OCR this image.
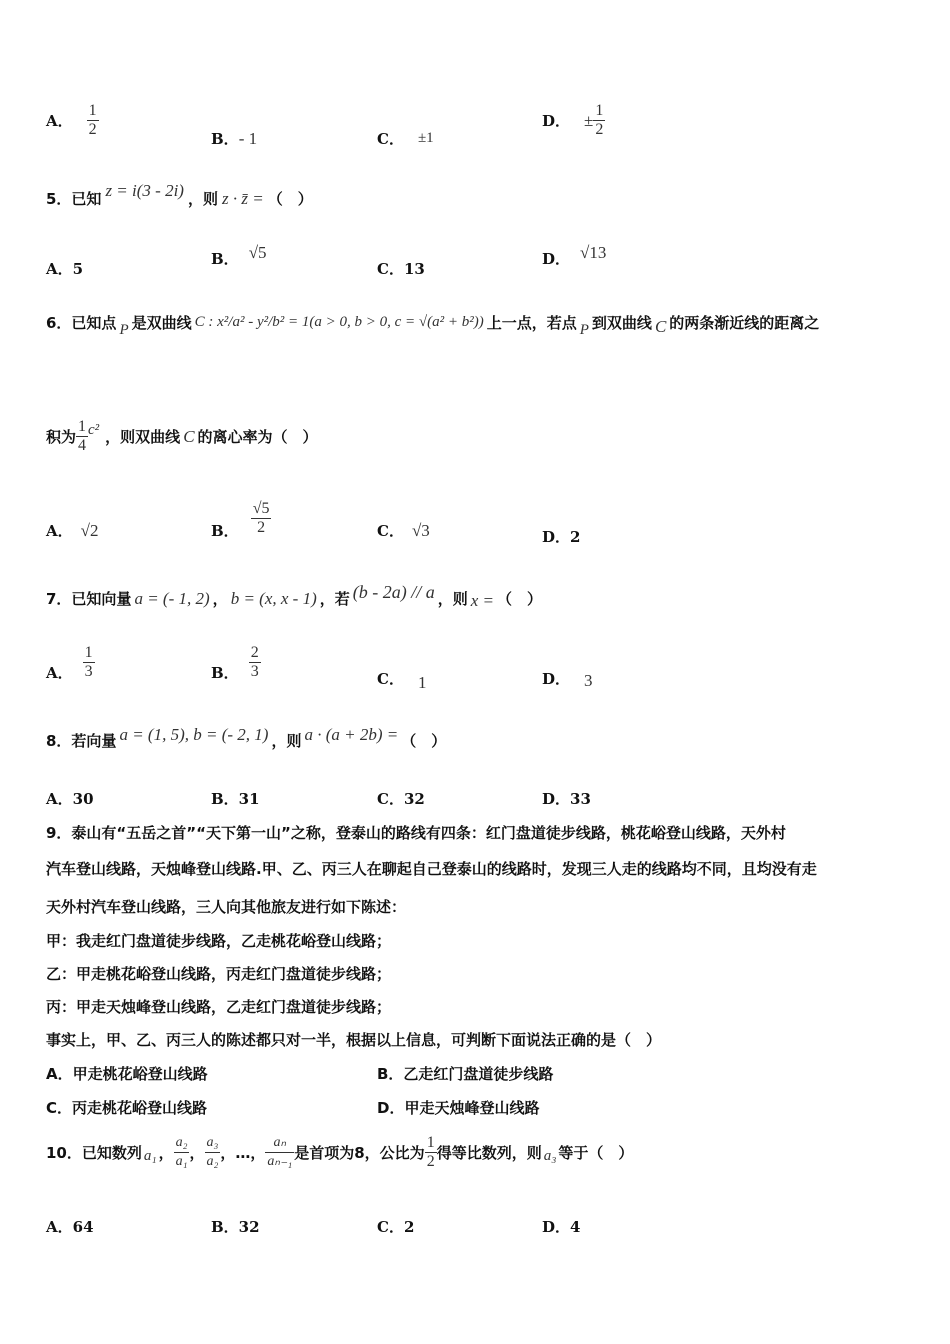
A． $\frac{1}{2}$	B． - 1	C． ±1
D． ± $\frac{1}{2}$
5．已知 z = i(3 - 2i) ，则 z · z̄ = （　）
A．5
B． √5
C．13
D． √13
6．已知点 P 是双曲线 C : x²/a² - y²/b² = 1(a > 0, b > 0, c = √(a² + b²)) 上一点，若点 P 到双曲线 C 的两条渐近线的距离之
积为 $\frac{1}{4} c^2$ ，则双曲线 C 的离心率为（　）
A． √2	B． $\frac{√5}{2}$	C． √3	D．2
7．已知向量 a = (- 1, 2) ， b = (x, x - 1) ，若 (b - 2a) // a ，则 x = （　）
A． $\frac{1}{3}$	B． $\frac{2}{3}$	C． 1	D． 3
8．若向量 a = (1, 5), b = (- 2, 1) ，则 a · (a + 2b) = （　）
A．30	B．31	C．32	D．33
9．泰山有“五岳之首”“天下第一山”之称，登泰山的路线有四条：红门盘道徒步线路，桃花峪登山线路，天外村
汽车登山线路，天烛峰登山线路.甲、乙、丙三人在聊起自己登泰山的线路时，发现三人走的线路均不同，且均没有走
天外村汽车登山线路，三人向其他旅友进行如下陈述：
甲：我走红门盘道徒步线路，乙走桃花峪登山线路；
乙：甲走桃花峪登山线路，丙走红门盘道徒步线路；
丙：甲走天烛峰登山线路，乙走红门盘道徒步线路；
事实上，甲、乙、丙三人的陈述都只对一半，根据以上信息，可判断下面说法正确的是（　）
A．甲走桃花峪登山线路	B．乙走红门盘道徒步线路
C．丙走桃花峪登山线路	D．甲走天烛峰登山线路
10．已知数列 a₁ ， $\frac{\text{a₂}}{\text{a₁}}$ ， $\frac{\text{a₃}}{\text{a₂}}$ ，…， $\frac{\text{aₙ}}{\text{aₙ₋₁}}$ 是首项为8，公比为 $\frac{1}{2}$ 得等比数列，则 a₃ 等于（　）
A．64	B．32	C．2	D．4
